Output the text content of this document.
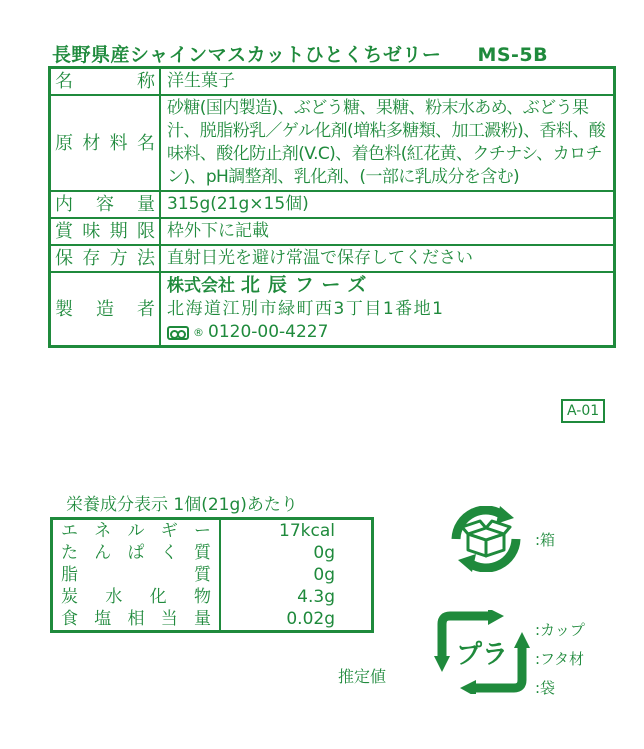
長野県産シャインマスカットひとくちゼリー MS-5B
名称	洋生菓子
原材料名	砂糖(国内製造)、ぶどう糖、果糖、粉末水あめ、ぶどう果汁、脱脂粉乳／ゲル化剤(増粘多糖類、加工澱粉)、香料、酸味料、酸化防止剤(V.C)、着色料(紅花黄、クチナシ、カロチン)、pH調整剤、乳化剤、(一部に乳成分を含む)
内容量	315g(21g×15個)
賞味期限	枠外下に記載
保存方法	直射日光を避け常温で保存してください
製造者	株式会社 北辰フーズ
北海道江別市緑町西3丁目1番地1
® 0120-00-4227
A-01
栄養成分表示 1個(21g)あたり
エネルギー	17kcal
たんぱく質	0g
脂質	0g
炭水化物	4.3g
食塩相当量	0.02g
推定値
:箱
プラ
:カップ
:フタ材
:袋
